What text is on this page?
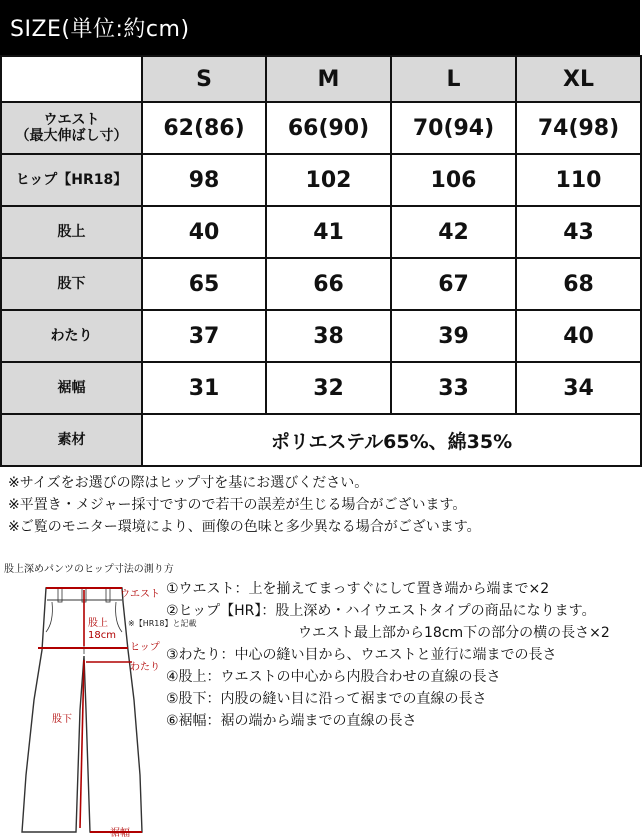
SIZE(単位:約cm)
	S	M	L	XL

ウエスト
（最大伸ばし寸）	62(86)	66(90)	70(94)	74(98)
ヒップ【HR18】	98	102	106	110
股上	40	41	42	43
股下	65	66	67	68
わたり	37	38	39	40
裾幅	31	32	33	34
素材	ポリエステル65%、綿35%			
※サイズをお選びの際はヒップ寸を基にお選びください。
※平置き・メジャー採寸ですので若干の誤差が生じる場合がございます。
※ご覧のモニター環境により、画像の色味と多少異なる場合がございます。
股上深めパンツのヒップ寸法の測り方
ウエスト
股上
18cm
※【HR18】と記載
ヒップ
わたり
股下
裾幅
①ウエスト：上を揃えてまっすぐにして置き端から端まで×2
②ヒップ【HR】：股上深め・ハイウエストタイプの商品になります。
ウエスト最上部から18cm下の部分の横の長さ×2
③わたり：中心の縫い目から、ウエストと並行に端までの長さ
④股上：ウエストの中心から内股合わせの直線の長さ
⑤股下：内股の縫い目に沿って裾までの直線の長さ
⑥裾幅：裾の端から端までの直線の長さ
